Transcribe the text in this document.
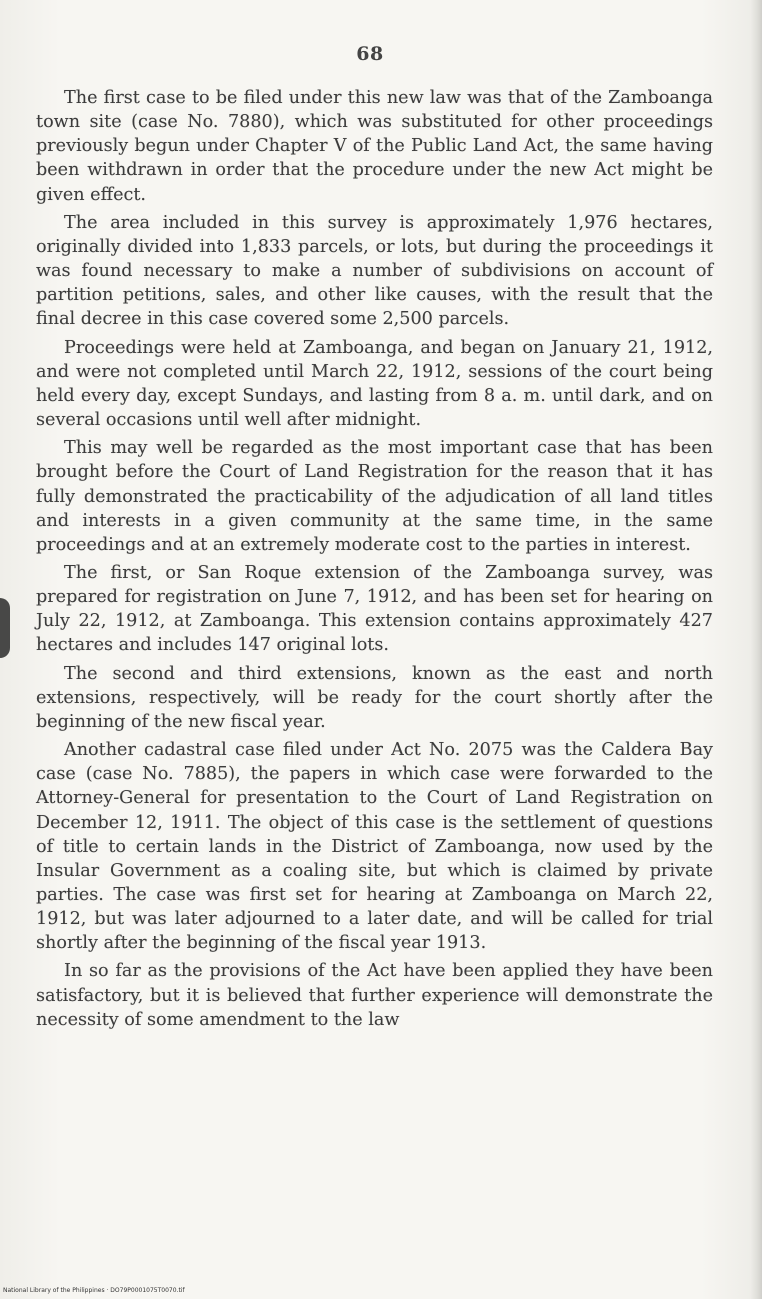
68

The first case to be filed under this new law was that of the Zamboanga town site (case No. 7880), which was substituted for other proceedings previously begun under Chapter V of the Public Land Act, the same having been withdrawn in order that the procedure under the new Act might be given effect.

The area included in this survey is approximately 1,976 hectares, originally divided into 1,833 parcels, or lots, but during the proceedings it was found necessary to make a number of subdivisions on account of partition petitions, sales, and other like causes, with the result that the final decree in this case covered some 2,500 parcels.

Proceedings were held at Zamboanga, and began on January 21, 1912, and were not completed until March 22, 1912, sessions of the court being held every day, except Sundays, and lasting from 8 a. m. until dark, and on several occasions until well after midnight.

This may well be regarded as the most important case that has been brought before the Court of Land Registration for the reason that it has fully demonstrated the practicability of the adjudication of all land titles and interests in a given community at the same time, in the same proceedings and at an extremely moderate cost to the parties in interest.

The first, or San Roque extension of the Zamboanga survey, was prepared for registration on June 7, 1912, and has been set for hearing on July 22, 1912, at Zamboanga. This extension contains approximately 427 hectares and includes 147 original lots.

The second and third extensions, known as the east and north extensions, respectively, will be ready for the court shortly after the beginning of the new fiscal year.

Another cadastral case filed under Act No. 2075 was the Caldera Bay case (case No. 7885), the papers in which case were forwarded to the Attorney-General for presentation to the Court of Land Registration on December 12, 1911. The object of this case is the settlement of questions of title to certain lands in the District of Zamboanga, now used by the Insular Government as a coaling site, but which is claimed by private parties. The case was first set for hearing at Zamboanga on March 22, 1912, but was later adjourned to a later date, and will be called for trial shortly after the beginning of the fiscal year 1913.

In so far as the provisions of the Act have been applied they have been satisfactory, but it is believed that further experience will demonstrate the necessity of some amendment to the law

National Library of the Philippines · DO79P0001075T0070.tif
